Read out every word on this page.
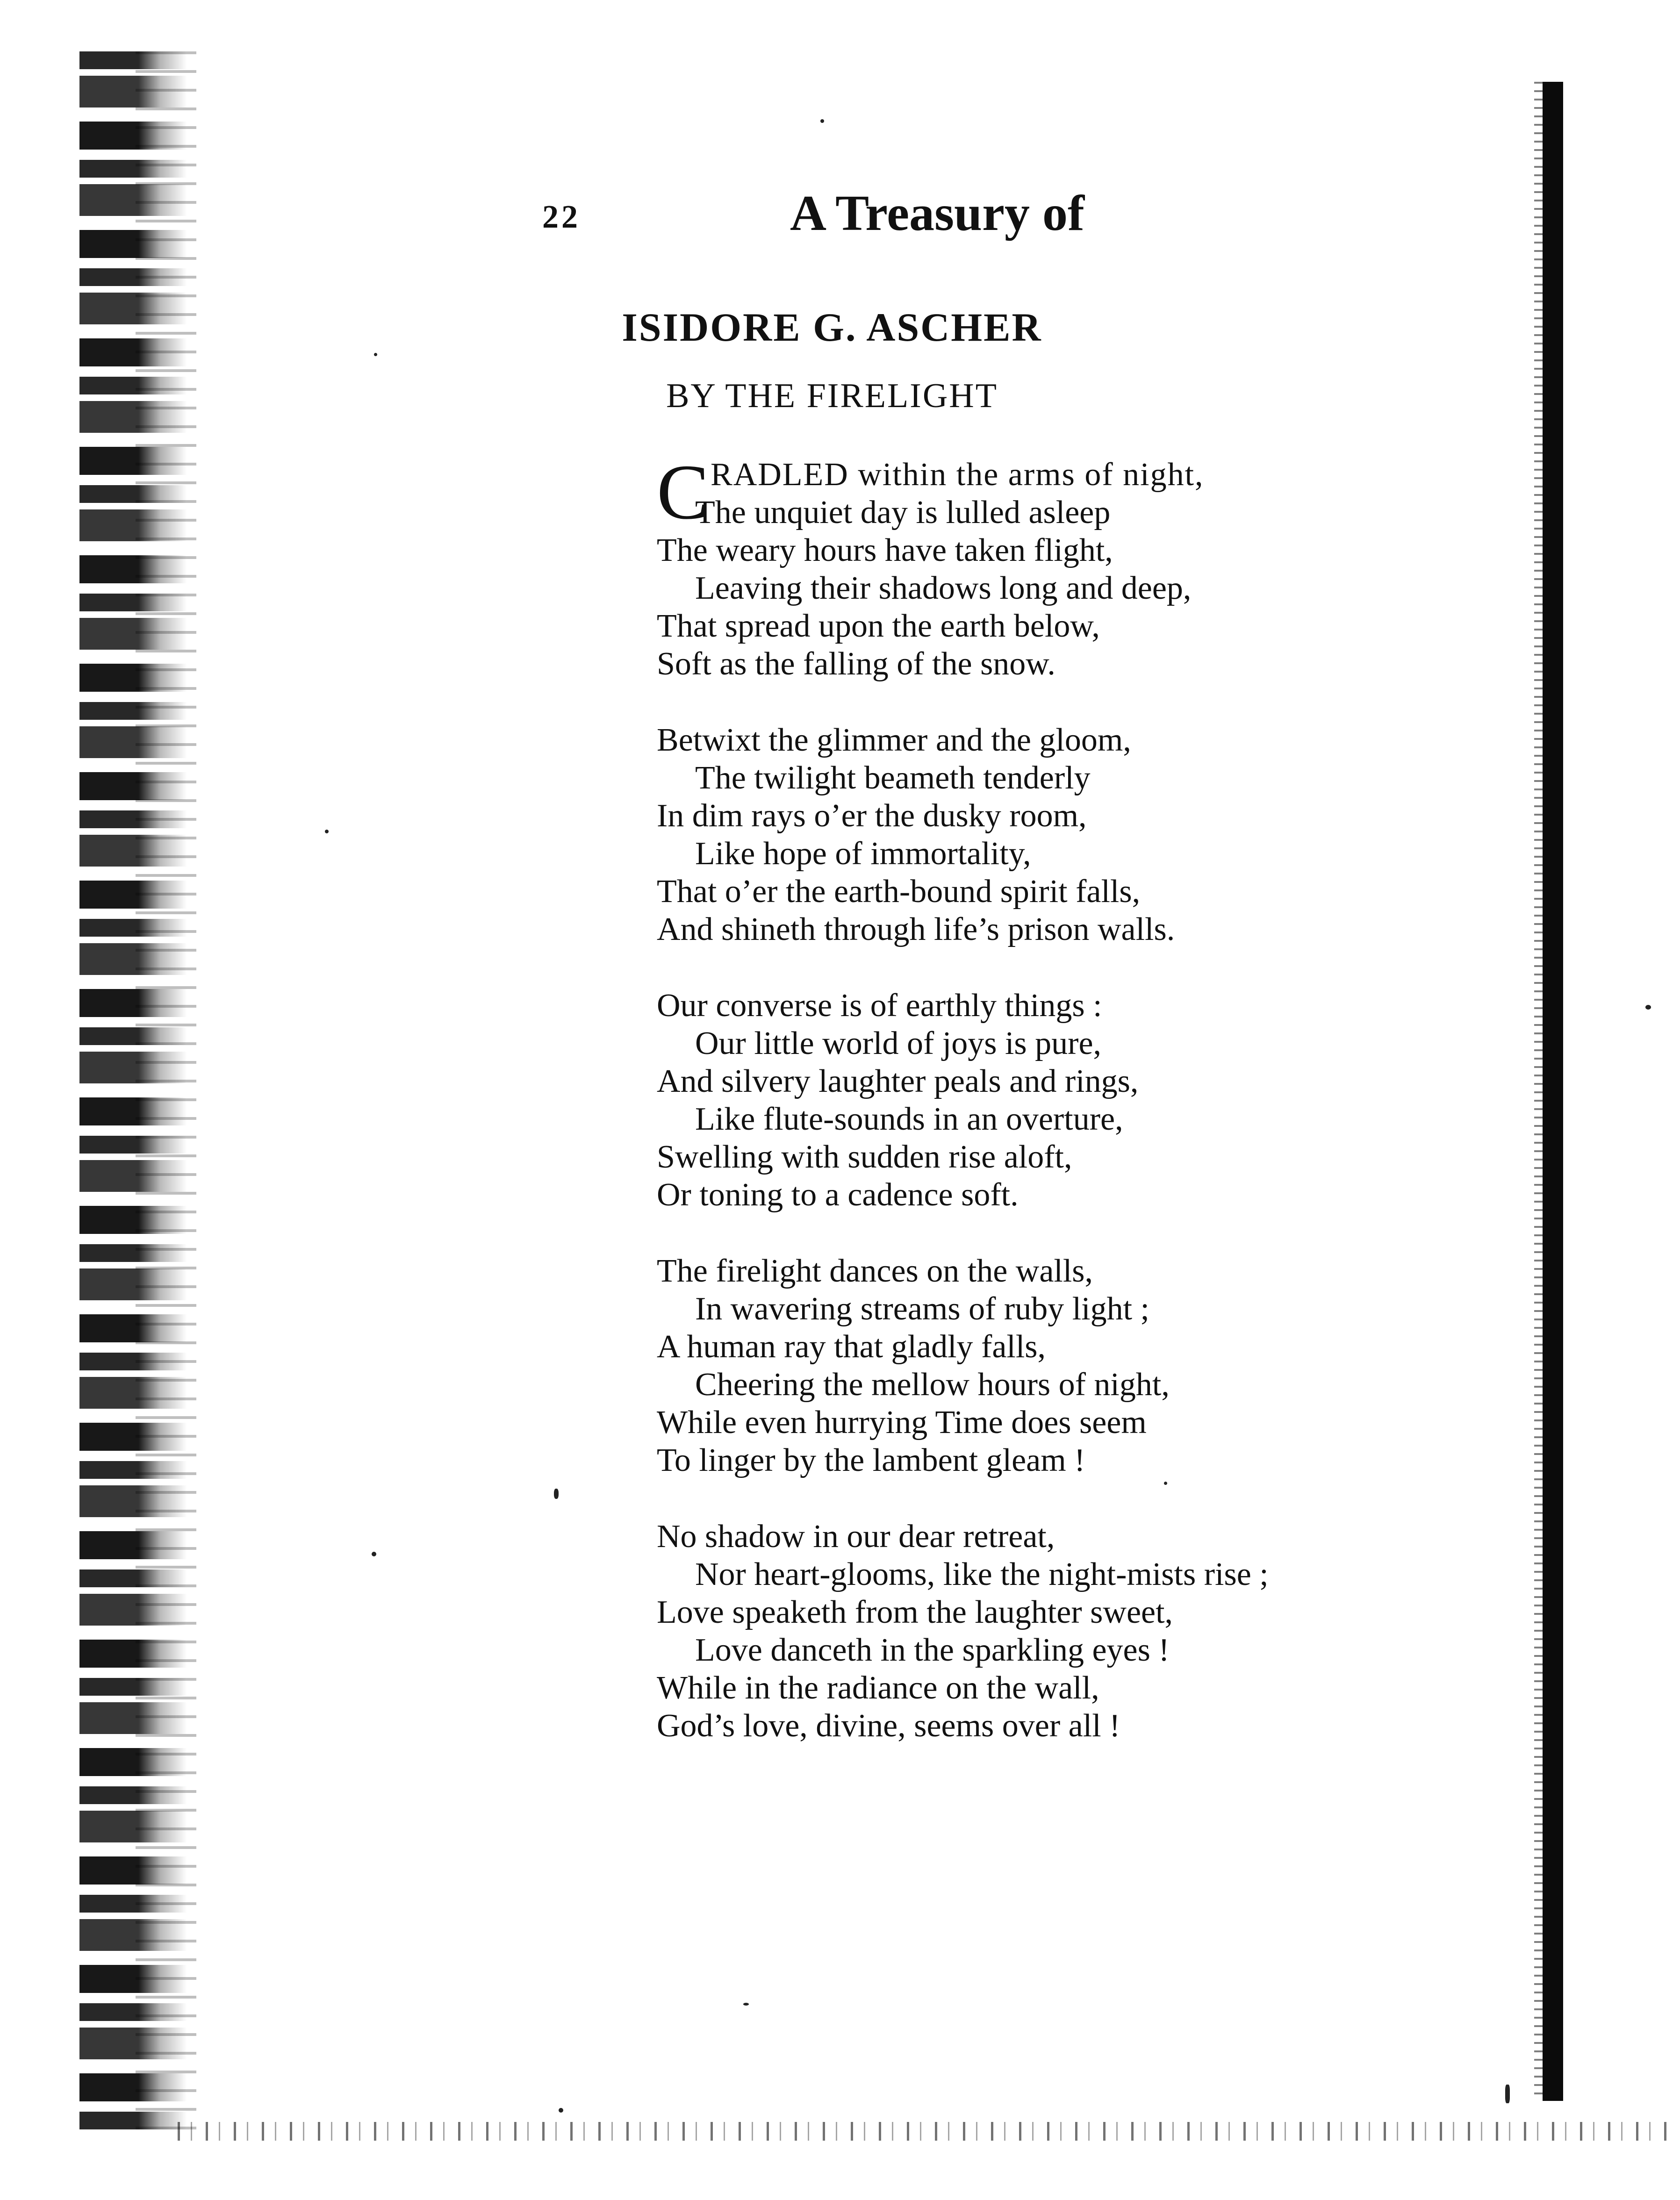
22	A Treasury of
ISIDORE G. ASCHER
BY THE FIRELIGHT
C RADLED within the arms of night,
The unquiet day is lulled asleep
The weary hours have taken flight,
Leaving their shadows long and deep,
That spread upon the earth below,
Soft as the falling of the snow.
Betwixt the glimmer and the gloom,
The twilight beameth tenderly
In dim rays o’er the dusky room,
Like hope of immortality,
That o’er the earth-bound spirit falls,
And shineth through life’s prison walls.
Our converse is of earthly things :
Our little world of joys is pure,
And silvery laughter peals and rings,
Like flute-sounds in an overture,
Swelling with sudden rise aloft,
Or toning to a cadence soft.
The firelight dances on the walls,
In wavering streams of ruby light ;
A human ray that gladly falls,
Cheering the mellow hours of night,
While even hurrying Time does seem
To linger by the lambent gleam !
No shadow in our dear retreat,
Nor heart-glooms, like the night-mists rise ;
Love speaketh from the laughter sweet,
Love danceth in the sparkling eyes !
While in the radiance on the wall,
God’s love, divine, seems over all !
